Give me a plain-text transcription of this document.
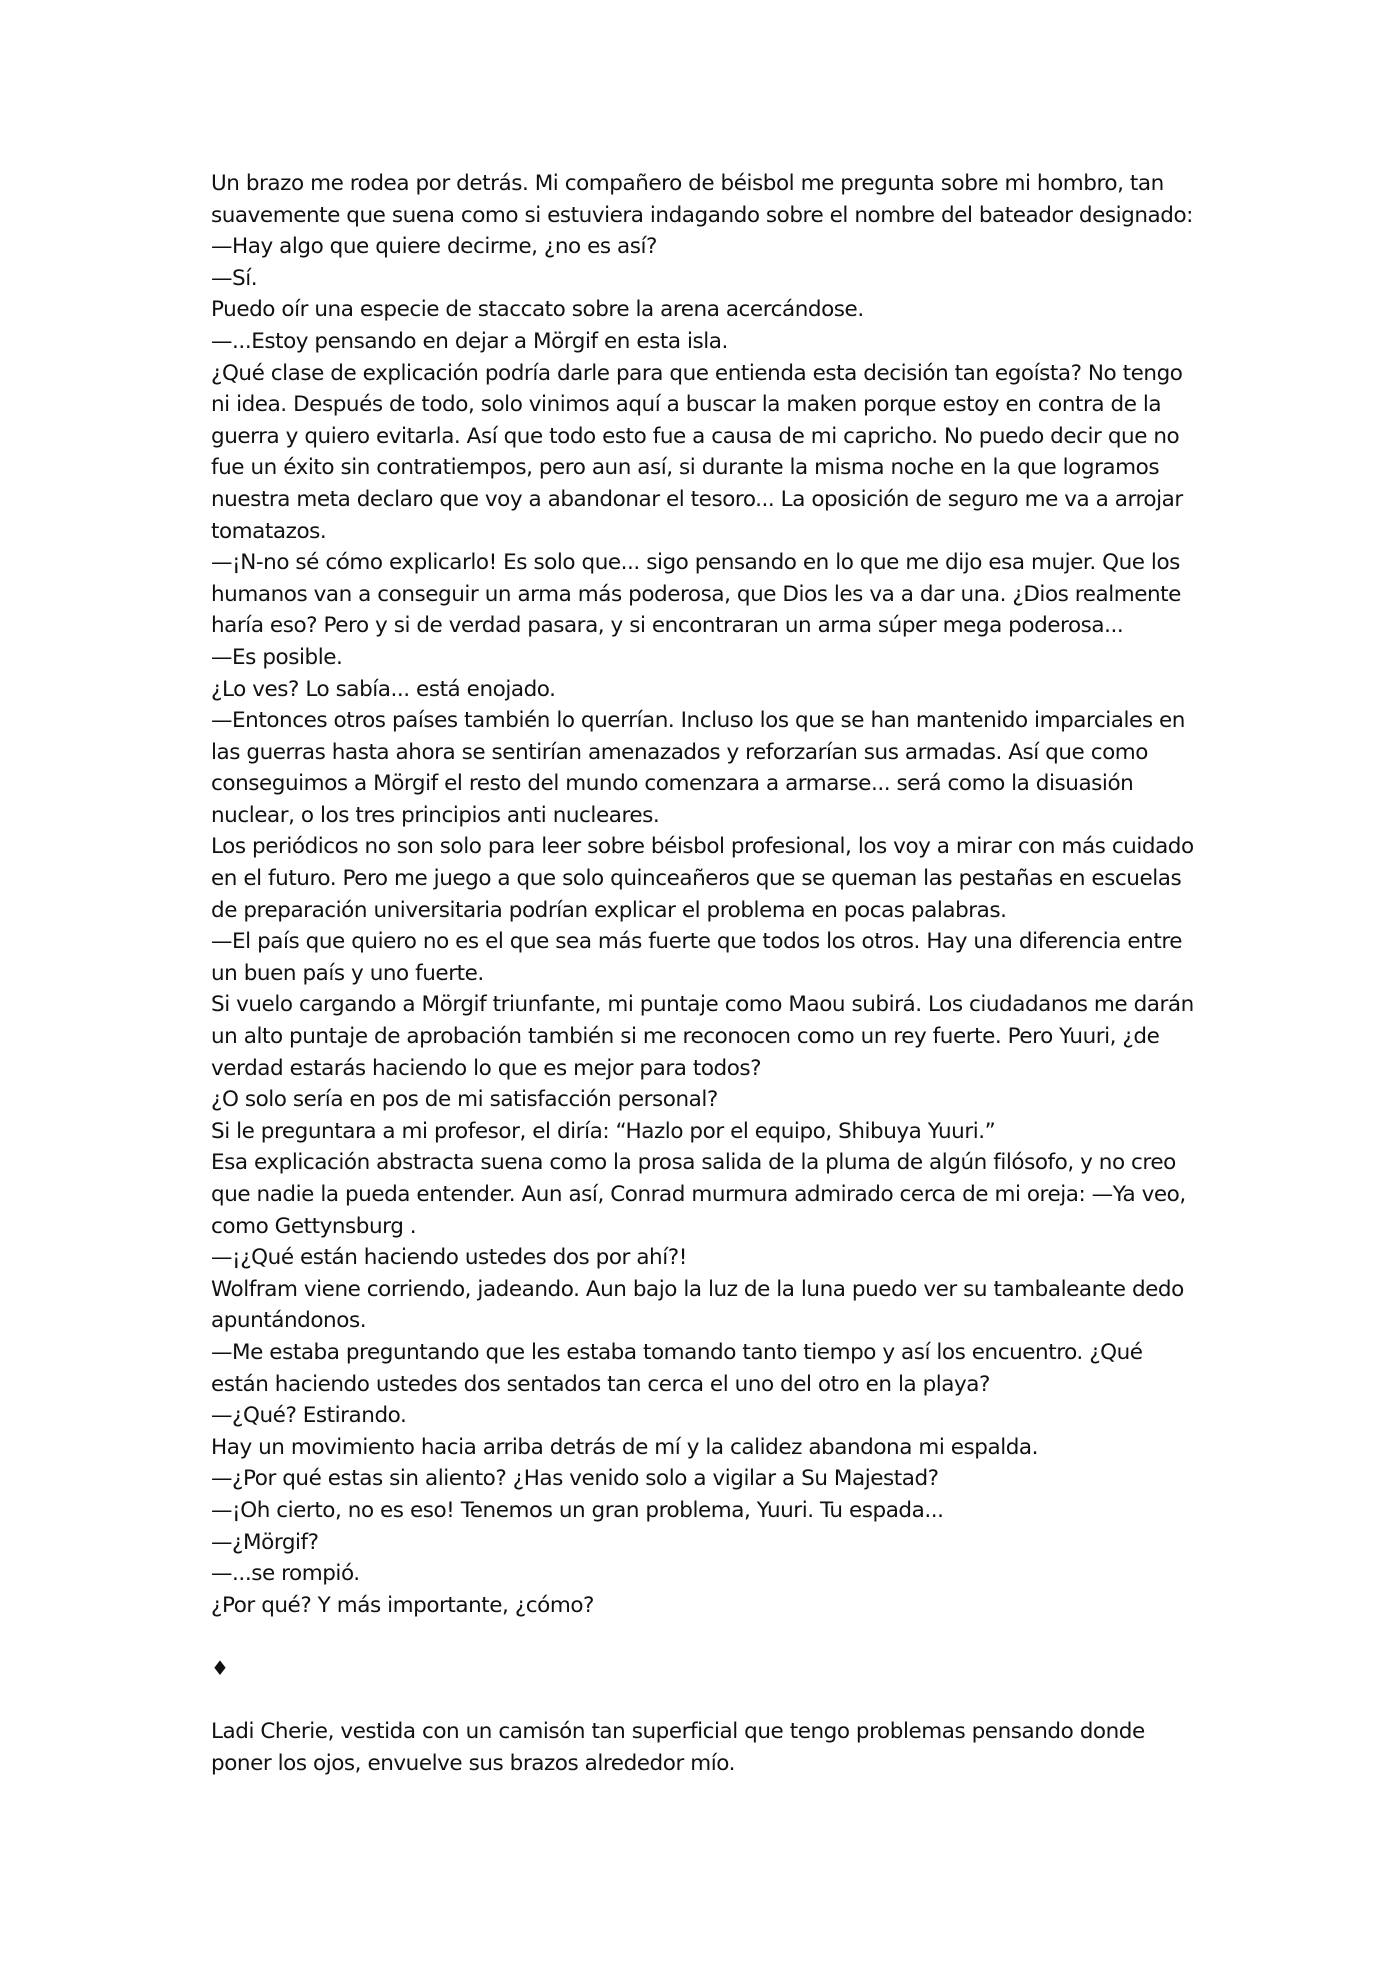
Un brazo me rodea por detrás. Mi compañero de béisbol me pregunta sobre mi hombro, tan suavemente que suena como si estuviera indagando sobre el nombre del bateador designado: —Hay algo que quiere decirme, ¿no es así?

—Sí.

Puedo oír una especie de staccato sobre la arena acercándose.

—...Estoy pensando en dejar a Mörgif en esta isla.

¿Qué clase de explicación podría darle para que entienda esta decisión tan egoísta? No tengo ni idea. Después de todo, solo vinimos aquí a buscar la maken porque estoy en contra de la guerra y quiero evitarla. Así que todo esto fue a causa de mi capricho. No puedo decir que no fue un éxito sin contratiempos, pero aun así, si durante la misma noche en la que logramos nuestra meta declaro que voy a abandonar el tesoro... La oposición de seguro me va a arrojar tomatazos.

—¡N-no sé cómo explicarlo! Es solo que... sigo pensando en lo que me dijo esa mujer. Que los humanos van a conseguir un arma más poderosa, que Dios les va a dar una. ¿Dios realmente haría eso? Pero y si de verdad pasara, y si encontraran un arma súper mega poderosa...

—Es posible.

¿Lo ves? Lo sabía... está enojado.

—Entonces otros países también lo querrían. Incluso los que se han mantenido imparciales en las guerras hasta ahora se sentirían amenazados y reforzarían sus armadas. Así que como conseguimos a Mörgif el resto del mundo comenzara a armarse... será como la disuasión nuclear, o los tres principios anti nucleares.

Los periódicos no son solo para leer sobre béisbol profesional, los voy a mirar con más cuidado en el futuro. Pero me juego a que solo quinceañeros que se queman las pestañas en escuelas de preparación universitaria podrían explicar el problema en pocas palabras.

—El país que quiero no es el que sea más fuerte que todos los otros. Hay una diferencia entre un buen país y uno fuerte.

Si vuelo cargando a Mörgif triunfante, mi puntaje como Maou subirá. Los ciudadanos me darán un alto puntaje de aprobación también si me reconocen como un rey fuerte. Pero Yuuri, ¿de verdad estarás haciendo lo que es mejor para todos?

¿O solo sería en pos de mi satisfacción personal?

Si le preguntara a mi profesor, el diría: “Hazlo por el equipo, Shibuya Yuuri.”

Esa explicación abstracta suena como la prosa salida de la pluma de algún filósofo, y no creo que nadie la pueda entender. Aun así, Conrad murmura admirado cerca de mi oreja: —Ya veo, como Gettynsburg .

—¡¿Qué están haciendo ustedes dos por ahí?!

Wolfram viene corriendo, jadeando. Aun bajo la luz de la luna puedo ver su tambaleante dedo apuntándonos.

—Me estaba preguntando que les estaba tomando tanto tiempo y así los encuentro. ¿Qué están haciendo ustedes dos sentados tan cerca el uno del otro en la playa?

—¿Qué? Estirando.

Hay un movimiento hacia arriba detrás de mí y la calidez abandona mi espalda.

—¿Por qué estas sin aliento? ¿Has venido solo a vigilar a Su Majestad?

—¡Oh cierto, no es eso! Tenemos un gran problema, Yuuri. Tu espada...

—¿Mörgif?

—...se rompió.

¿Por qué? Y más importante, ¿cómo?

♦

Ladi Cherie, vestida con un camisón tan superficial que tengo problemas pensando donde poner los ojos, envuelve sus brazos alrededor mío.
